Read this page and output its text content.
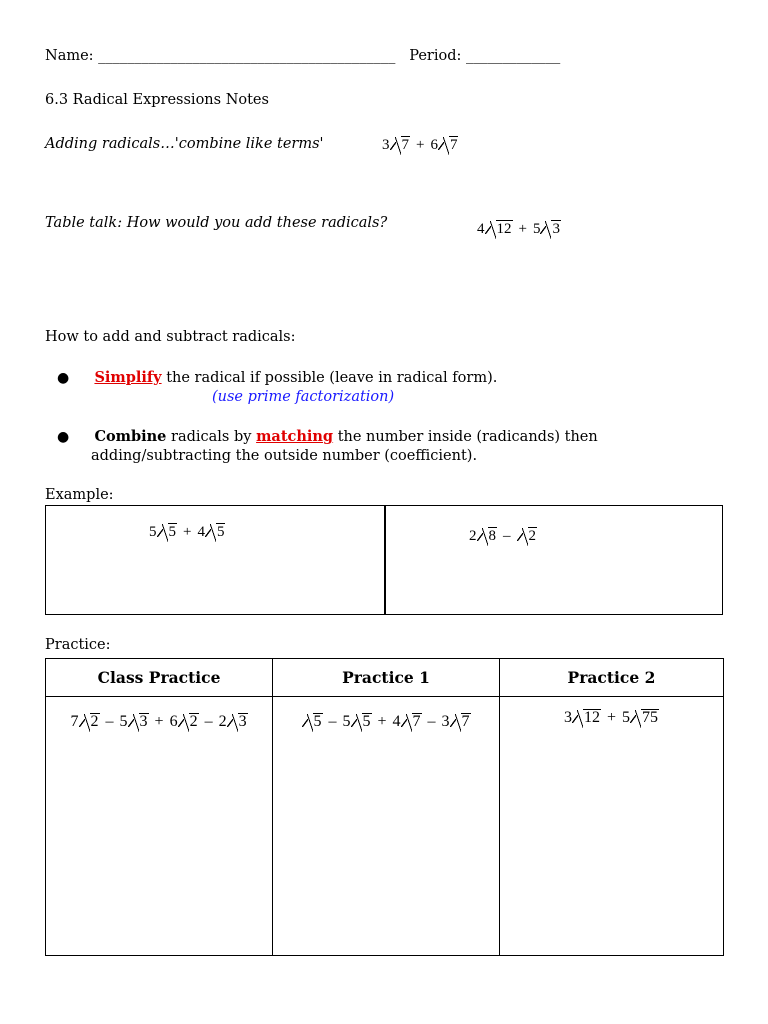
Name: _________________________________________ Period: _____________
6.3 Radical Expressions Notes
Adding radicals…'combine like terms'	3 7 + 6 7
Table talk: How would you add these radicals?	4 12 + 5 3
How to add and subtract radicals:
● Simplify the radical if possible (leave in radical form).
(use prime factorization)
● Combine radicals by matching the number inside (radicands) then
adding/subtracting the outside number (coefficient).
Example:
5 5 + 4 5	2 8 – 2
Practice:
Class Practice	Practice 1	Practice 2
7 2 – 5 3 + 6 2 – 2 3	5 – 5 5 + 4 7 – 3 7	3 12 + 5 75
